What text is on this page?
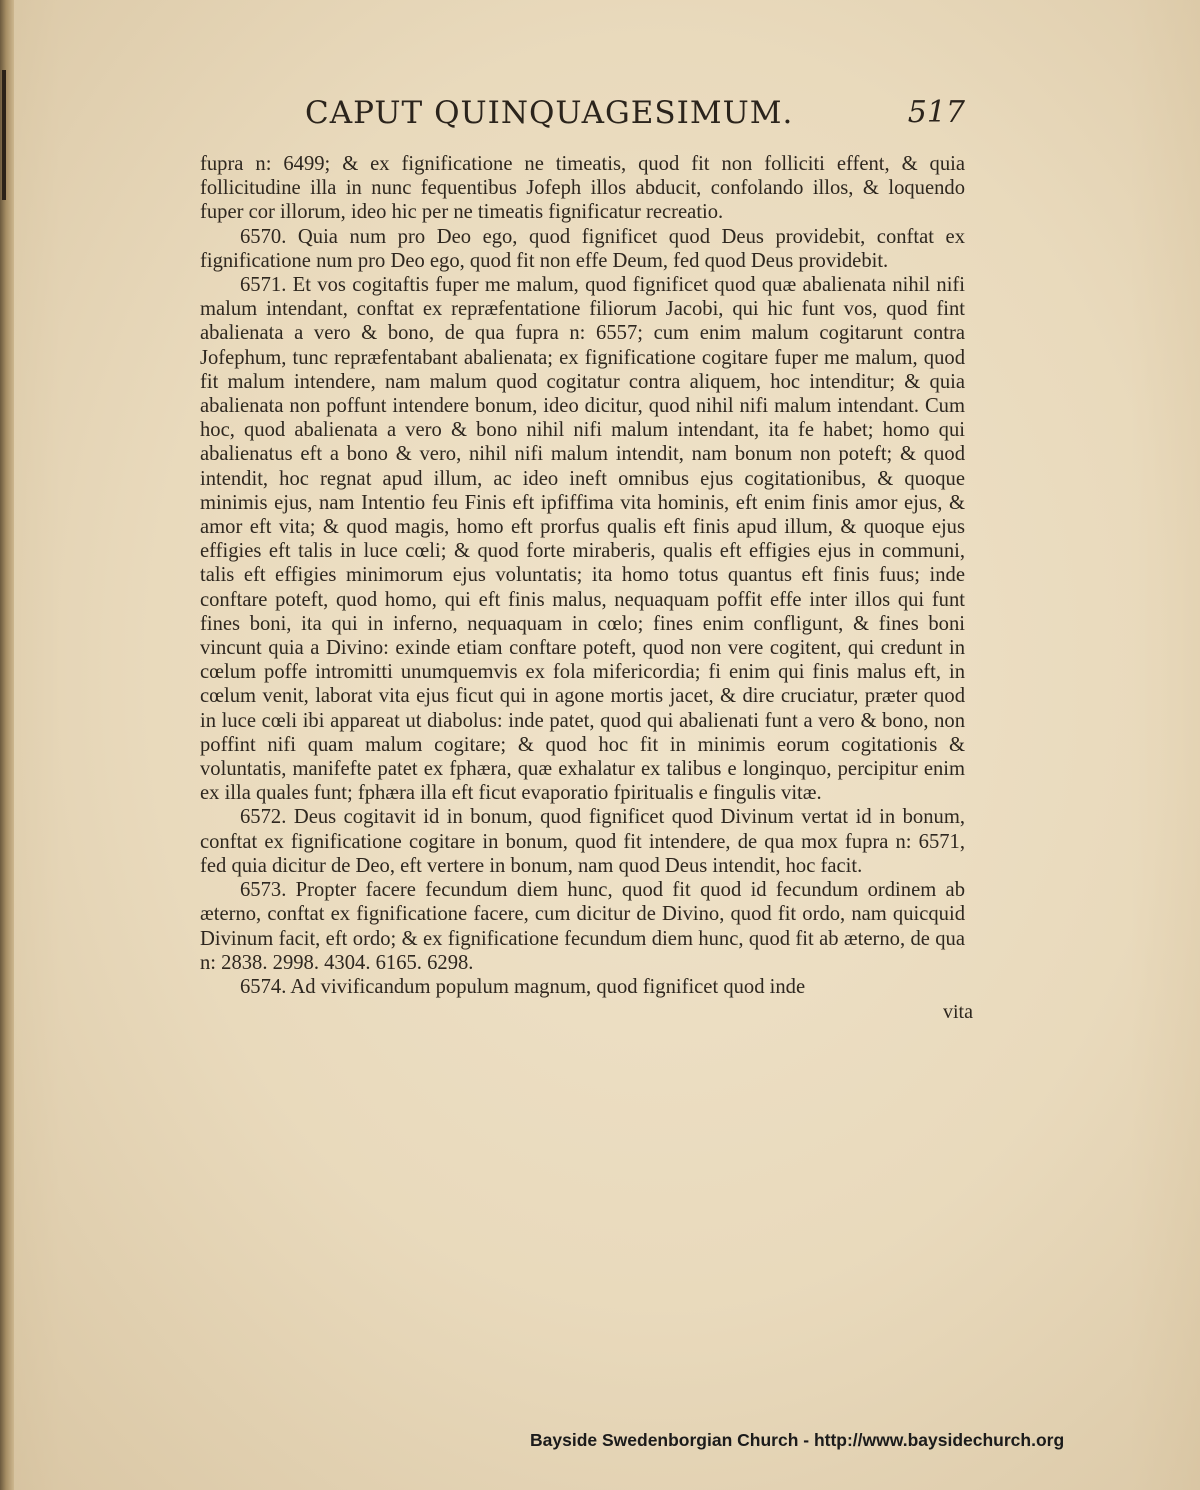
CAPUT QUINQUAGESIMUM.	517

fupra n: 6499; & ex fignificatione ne timeatis, quod fit non folliciti effent, & quia follicitudine illa in nunc fequentibus Jofeph illos abducit, confolando illos, & loquendo fuper cor illorum, ideo hic per ne timeatis fignificatur recreatio.

6570. Quia num pro Deo ego, quod fignificet quod Deus providebit, conftat ex fignificatione num pro Deo ego, quod fit non effe Deum, fed quod Deus providebit.

6571. Et vos cogitaftis fuper me malum, quod fignificet quod quæ abalienata nihil nifi malum intendant, conftat ex repræfentatione filiorum Jacobi, qui hic funt vos, quod fint abalienata a vero & bono, de qua fupra n: 6557; cum enim malum cogitarunt contra Jofephum, tunc repræfentabant abalienata; ex fignificatione cogitare fuper me malum, quod fit malum intendere, nam malum quod cogitatur contra aliquem, hoc intenditur; & quia abalienata non poffunt intendere bonum, ideo dicitur, quod nihil nifi malum intendant. Cum hoc, quod abalienata a vero & bono nihil nifi malum intendant, ita fe habet; homo qui abalienatus eft a bono & vero, nihil nifi malum intendit, nam bonum non poteft; & quod intendit, hoc regnat apud illum, ac ideo ineft omnibus ejus cogitationibus, & quoque minimis ejus, nam Intentio feu Finis eft ipfiffima vita hominis, eft enim finis amor ejus, & amor eft vita; & quod magis, homo eft prorfus qualis eft finis apud illum, & quoque ejus effigies eft talis in luce cœli; & quod forte miraberis, qualis eft effigies ejus in communi, talis eft effigies minimorum ejus voluntatis; ita homo totus quantus eft finis fuus; inde conftare poteft, quod homo, qui eft finis malus, nequaquam poffit effe inter illos qui funt fines boni, ita qui in inferno, nequaquam in cœlo; fines enim confligunt, & fines boni vincunt quia a Divino: exinde etiam conftare poteft, quod non vere cogitent, qui credunt in cœlum poffe intromitti unumquemvis ex fola mifericordia; fi enim qui finis malus eft, in cœlum venit, laborat vita ejus ficut qui in agone mortis jacet, & dire cruciatur, præter quod in luce cœli ibi appareat ut diabolus: inde patet, quod qui abalienati funt a vero & bono, non poffint nifi quam malum cogitare; & quod hoc fit in minimis eorum cogitationis & voluntatis, manifefte patet ex fphæra, quæ exhalatur ex talibus e longinquo, percipitur enim ex illa quales funt; fphæra illa eft ficut evaporatio fpiritualis e fingulis vitæ.

6572. Deus cogitavit id in bonum, quod fignificet quod Divinum vertat id in bonum, conftat ex fignificatione cogitare in bonum, quod fit intendere, de qua mox fupra n: 6571, fed quia dicitur de Deo, eft vertere in bonum, nam quod Deus intendit, hoc facit.

6573. Propter facere fecundum diem hunc, quod fit quod id fecundum ordinem ab æterno, conftat ex fignificatione facere, cum dicitur de Divino, quod fit ordo, nam quicquid Divinum facit, eft ordo; & ex fignificatione fecundum diem hunc, quod fit ab æterno, de qua n: 2838. 2998. 4304. 6165. 6298.

6574. Ad vivificandum populum magnum, quod fignificet quod inde

vita
Bayside Swedenborgian Church - http://www.baysidechurch.org
